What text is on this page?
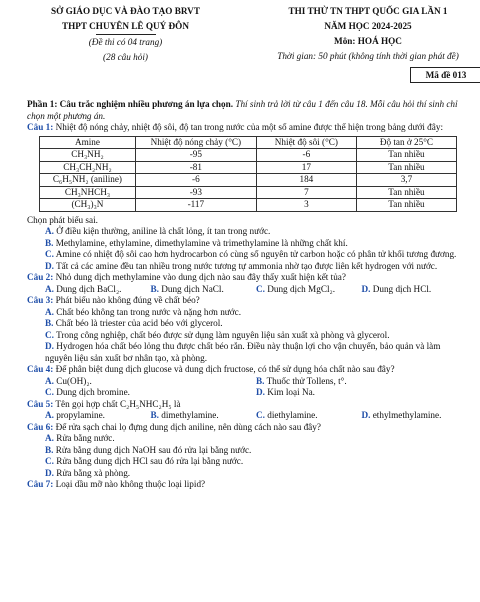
SỞ GIÁO DỤC VÀ ĐÀO TẠO BRVT
THPT CHUYÊN LÊ QUÝ ĐÔN
(Đề thi có 04 trang)
(28 câu hỏi)
THI THỬ TN THPT QUỐC GIA LẦN 1
NĂM HỌC 2024-2025
Môn: HOÁ HỌC
Thời gian: 50 phút (không tính thời gian phát đề)
Mã đề 013

Phần 1: Câu trắc nghiệm nhiều phương án lựa chọn. Thí sinh trả lời từ câu 1 đến câu 18. Mỗi câu hỏi thí sinh chỉ chọn một phương án.

Câu 1: Nhiệt độ nóng chảy, nhiệt độ sôi, độ tan trong nước của một số amine được thể hiện trong bảng dưới đây:

Amine	Nhiệt độ nóng chảy (°C)	Nhiệt độ sôi (°C)	Độ tan ở 25°C
CH₃NH₂	-95	-6	Tan nhiều
CH₃CH₂NH₂	-81	17	Tan nhiều
C₆H₅NH₂ (aniline)	-6	184	3,7
CH₃NHCH₃	-93	7	Tan nhiều
(CH₃)₃N	-117	3	Tan nhiều

Chọn phát biểu sai.

A. Ở điều kiện thường, aniline là chất lỏng, ít tan trong nước.

B. Methylamine, ethylamine, dimethylamine và trimethylamine là những chất khí.

C. Amine có nhiệt độ sôi cao hơn hydrocarbon có cùng số nguyên tử carbon hoặc có phân tử khối tương đương.

D. Tất cả các amine đều tan nhiều trong nước tương tự ammonia nhờ tạo được liên kết hydrogen với nước.

Câu 2: Nhỏ dung dịch methylamine vào dung dịch nào sau đây thấy xuất hiện kết tủa?

A. Dung dịch BaCl₂.	B. Dung dịch NaCl.	C. Dung dịch MgCl₂.	D. Dung dịch HCl.

Câu 3: Phát biểu nào không đúng về chất béo?

A. Chất béo không tan trong nước và nặng hơn nước.

B. Chất béo là triester của acid béo với glycerol.

C. Trong công nghiệp, chất béo được sử dụng làm nguyên liệu sản xuất xà phòng và glycerol.

D. Hydrogen hóa chất béo lỏng thu được chất béo rắn. Điều này thuận lợi cho vận chuyển, bảo quản và làm nguyên liệu sản xuất bơ nhân tạo, xà phòng.

Câu 4: Để phân biệt dung dịch glucose và dung dịch fructose, có thể sử dụng hóa chất nào sau đây?

A. Cu(OH)₂.	B. Thuốc thử Tollens, t°.
C. Dung dịch bromine.	D. Kim loại Na.

Câu 5: Tên gọi hợp chất C₂H₅NHC₂H₅ là

A. propylamine.	B. dimethylamine.	C. diethylamine.	D. ethylmethylamine.

Câu 6: Để rửa sạch chai lọ đựng dung dịch aniline, nên dùng cách nào sau đây?

A. Rửa bằng nước.

B. Rửa bằng dung dịch NaOH sau đó rửa lại bằng nước.

C. Rửa bằng dung dịch HCl sau đó rửa lại bằng nước.

D. Rửa bằng xà phòng.

Câu 7: Loại dầu mỡ nào không thuộc loại lipid?
